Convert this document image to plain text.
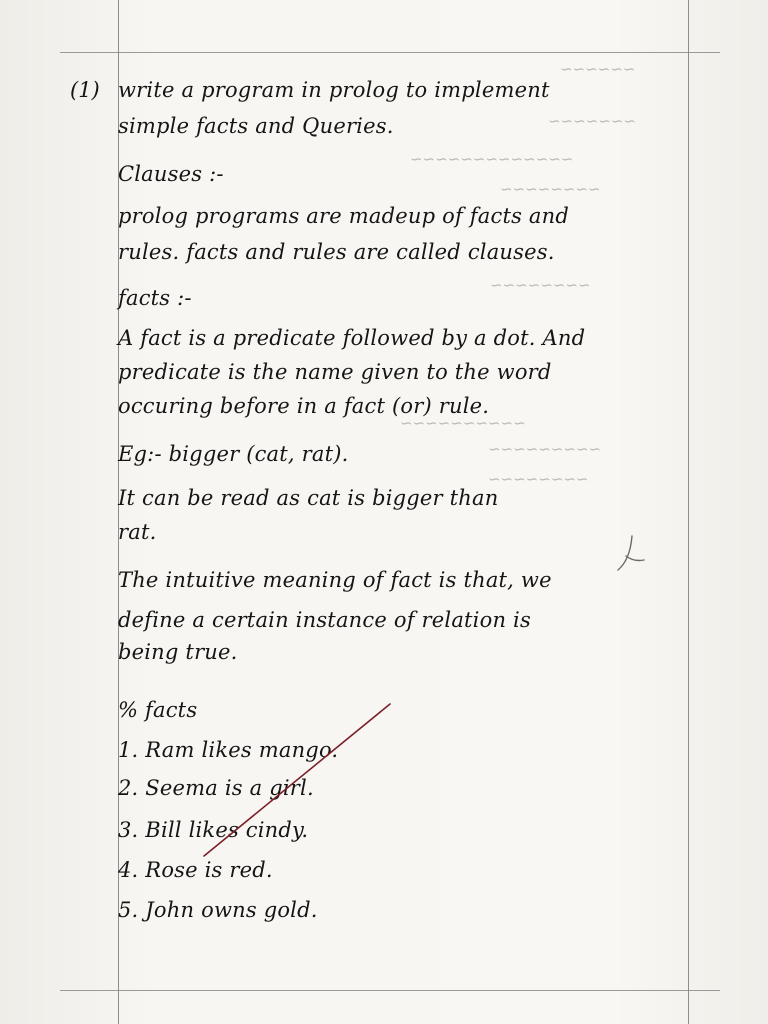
~~~~~~
~~~~~~~
~~~~~~~~~~~~~
~~~~~~~~
~~~~~~~~
~~~~~~~~~~
~~~~~~~~~
~~~~~~~~
(1) write a program in prolog to implement
simple facts and Queries.
Clauses :-
prolog programs are madeup of facts and
rules. facts and rules are called clauses.
facts :-
A fact is a predicate followed by a dot. And
predicate is the name given to the word
occuring before in a fact (or) rule.
Eg:- bigger (cat, rat).
It can be read as cat is bigger than
rat.
The intuitive meaning of fact is that, we
define a certain instance of relation is
being true.
% facts
1. Ram likes mango.
2. Seema is a girl.
3. Bill likes cindy.
4. Rose is red.
5. John owns gold.
